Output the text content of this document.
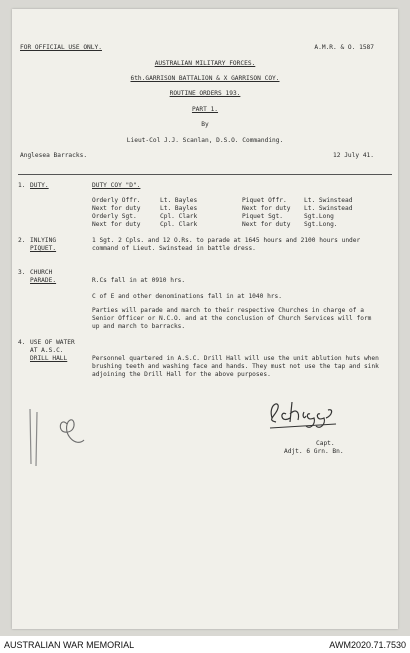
FOR OFFICIAL USE ONLY.	A.M.R. & O. 1587
AUSTRALIAN MILITARY FORCES.
6th.GARRISON BATTALION & X GARRISON COY.
ROUTINE ORDERS 193.
PART 1.
By
Lieut-Col J.J. Scanlan, D.S.O. Commanding.
Anglesea Barracks.	12 July 41.
1. DUTY.	DUTY COY "D".
Orderly Offr.	Lt. Bayles	Piquet Offr.	Lt. Swinstead
Next for duty	Lt. Bayles	Next for duty Lt. Swinstead
Orderly Sgt.	Cpl. Clark	Piquet Sgt.	Sgt.Long
Next for duty	Cpl. Clark	Next for duty Sgt.Long.
2. INLYING
PIQUET.
1 Sgt. 2 Cpls. and 12 O.Rs. to parade at 1645 hours and 2100 hours under command of Lieut. Swinstead in battle dress.
3. CHURCH
PARADE.	R.Cs fall in at 0910 hrs.
C of E and other denominations fall in at 1040 hrs.
Parties will parade and march to their respective Churches in charge of a Senior Officer or N.C.O. and at the conclusion of Church Services will form up and march to barracks.
4. USE OF WATER
AT A.S.C.
DRILL HALL	Personnel quartered in A.S.C. Drill Hall will use the unit ablution huts when brushing teeth and washing face and hands. They must not use the tap and sink adjoining the Drill Hall for the above purposes.
Capt.
Adjt. 6 Grn. Bn.
AUSTRALIAN WAR MEMORIAL	AWM2020.71.7530
